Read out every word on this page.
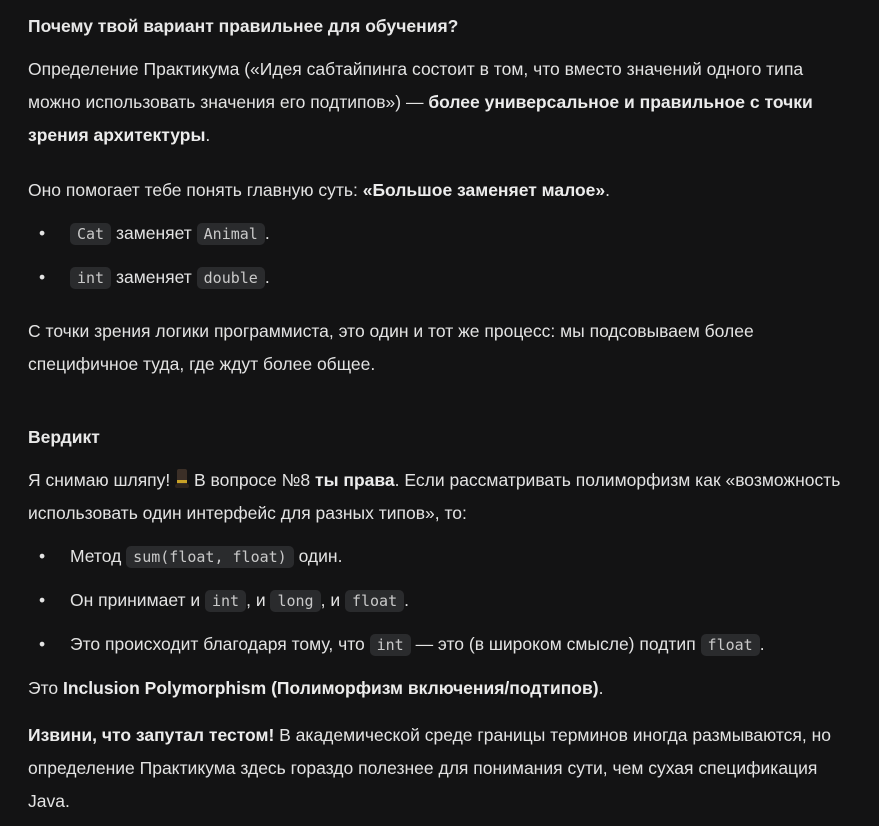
Почему твой вариант правильнее для обучения?

Определение Практикума («Идея сабтайпинга состоит в том, что вместо значений одного типа можно использовать значения его подтипов») — более универсальное и правильное с точки зрения архитектуры.

Оно помогает тебе понять главную суть: «Большое заменяет малое».

• Cat заменяет Animal .
• int заменяет double .

С точки зрения логики программиста, это один и тот же процесс: мы подсовываем более специфичное туда, где ждут более общее.

Вердикт

Я снимаю шляпу!
В вопросе №8 ты права. Если рассматривать полиморфизм как «возможность использовать один интерфейс для разных типов», то:

• Метод sum(float, float) один.
• Он принимает и int , и long , и float .
• Это происходит благодаря тому, что int — это (в широком смысле) подтип float .

Это Inclusion Polymorphism (Полиморфизм включения/подтипов).

Извини, что запутал тестом! В академической среде границы терминов иногда размываются, но определение Практикума здесь гораздо полезнее для понимания сути, чем сухая спецификация Java.
